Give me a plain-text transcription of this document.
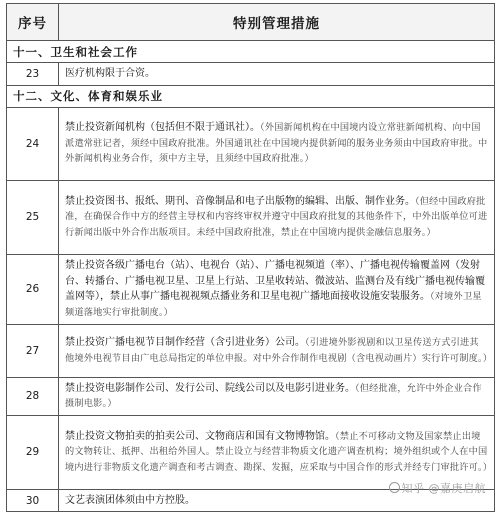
序号	特别管理措施
十一、卫生和社会工作	
23	医疗机构限于合资。
十二、文化、体育和娱乐业	
24	禁止投资新闻机构（包括但不限于通讯社）。（外国新闻机构在中国境内设立常驻新闻机构、向中国派遣常驻记者，须经中国政府批准。外国通讯社在中国境内提供新闻的服务业务须由中国政府审批。中外新闻机构业务合作，须中方主导，且须经中国政府批准。）
25	禁止投资图书、报纸、期刊、音像制品和电子出版物的编辑、出版、制作业务。（但经中国政府批准，在确保合作中方的经营主导权和内容终审权并遵守中国政府批复的其他条件下，中外出版单位可进行新闻出版中外合作出版项目。未经中国政府批准，禁止在中国境内提供金融信息服务。）
26	禁止投资各级广播电台（站）、电视台（站）、广播电视频道（率）、广播电视传输覆盖网（发射台、转播台、广播电视卫星、卫星上行站、卫星收转站、微波站、监测台及有线广播电视传输覆盖网等），禁止从事广播电视视频点播业务和卫星电视广播地面接收设施安装服务。（对境外卫星频道落地实行审批制度。）
27	禁止投资广播电视节目制作经营（含引进业务）公司。（引进境外影视剧和以卫星传送方式引进其他境外电视节目由广电总局指定的单位申报。对中外合作制作电视剧（含电视动画片）实行许可制度。）
28	禁止投资电影制作公司、发行公司、院线公司以及电影引进业务。（但经批准，允许中外企业合作摄制电影。）
29	禁止投资文物拍卖的拍卖公司、文物商店和国有文物博物馆。（禁止不可移动文物及国家禁止出境的文物转让、抵押、出租给外国人。禁止设立与经营非物质文化遗产调查机构；境外组织或个人在中国境内进行非物质文化遗产调查和考古调查、勘探、发掘，应采取与中国合作的形式并经专门审批许可。）
30	文艺表演团体须由中方控股。
知乎 @嘉庚启航
